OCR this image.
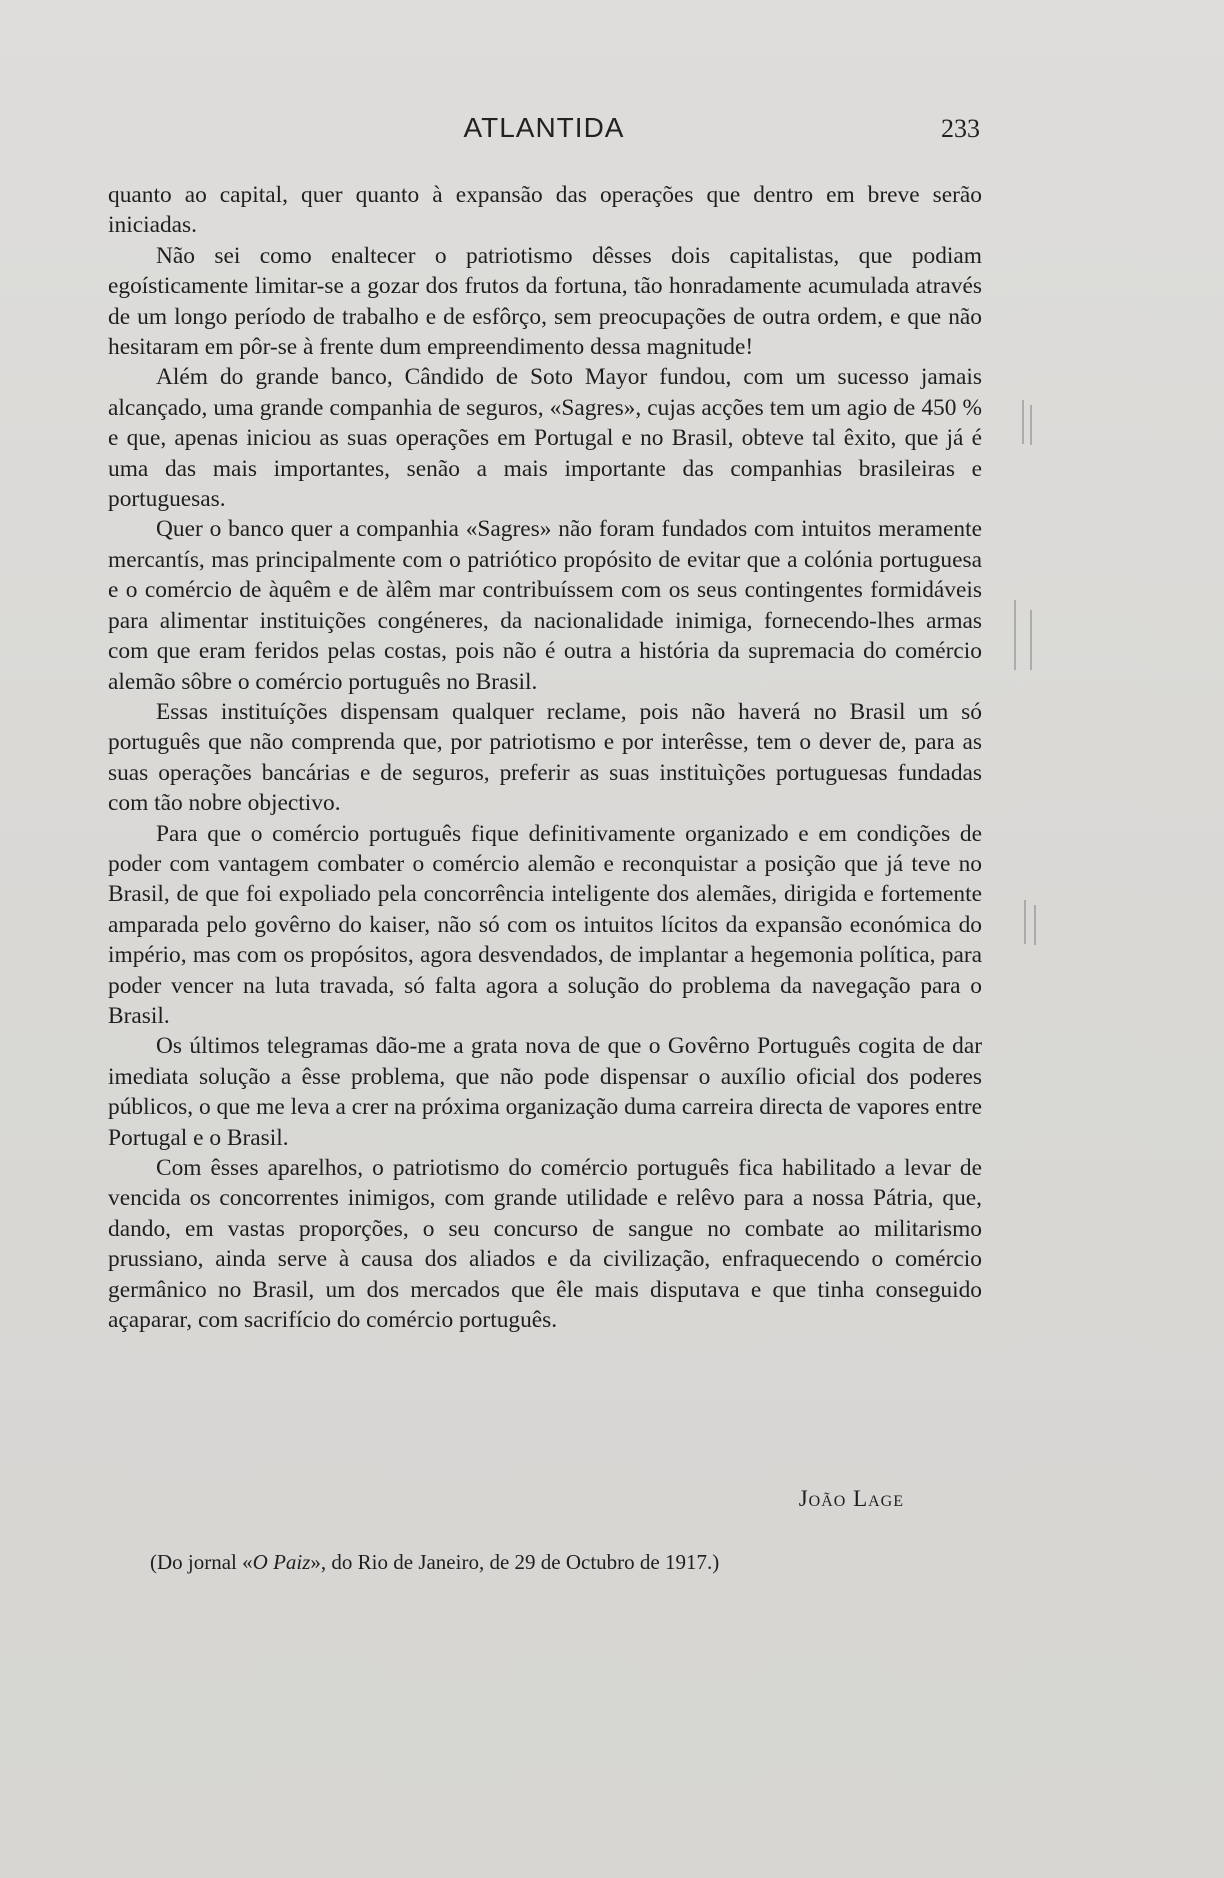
ATLANTIDA	233

quanto ao capital, quer quanto à expansão das operações que dentro em breve serão iniciadas.

Não sei como enaltecer o patriotismo dêsses dois capitalistas, que podiam egoísticamente limitar-se a gozar dos frutos da fortuna, tão honradamente acumulada através de um longo período de trabalho e de esfôrço, sem preocupações de outra ordem, e que não hesitaram em pôr-se à frente dum empreendimento dessa magnitude!

Além do grande banco, Cândido de Soto Mayor fundou, com um sucesso jamais alcançado, uma grande companhia de seguros, «Sagres», cujas acções tem um agio de 450 % e que, apenas iniciou as suas operações em Portugal e no Brasil, obteve tal êxito, que já é uma das mais importantes, senão a mais importante das companhias brasileiras e portuguesas.

Quer o banco quer a companhia «Sagres» não foram fundados com intuitos meramente mercantís, mas principalmente com o patriótico propósito de evitar que a colónia portuguesa e o comércio de àquêm e de àlêm mar contribuíssem com os seus contingentes formidáveis para alimentar instituições congéneres, da nacionalidade inimiga, fornecendo-lhes armas com que eram feridos pelas costas, pois não é outra a história da supremacia do comércio alemão sôbre o comércio português no Brasil.

Essas instituíções dispensam qualquer reclame, pois não haverá no Brasil um só português que não comprenda que, por patriotismo e por interêsse, tem o dever de, para as suas operações bancárias e de seguros, preferir as suas instituìções portuguesas fundadas com tão nobre objectivo.

Para que o comércio português fique definitivamente organizado e em condições de poder com vantagem combater o comércio alemão e reconquistar a posição que já teve no Brasil, de que foi expoliado pela concorrência inteligente dos alemães, dirigida e fortemente amparada pelo govêrno do kaiser, não só com os intuitos lícitos da expansão económica do império, mas com os propósitos, agora desvendados, de implantar a hegemonia política, para poder vencer na luta travada, só falta agora a solução do problema da navegação para o Brasil.

Os últimos telegramas dão-me a grata nova de que o Govêrno Português cogita de dar imediata solução a êsse problema, que não pode dispensar o auxílio oficial dos poderes públicos, o que me leva a crer na próxima organização duma carreira directa de vapores entre Portugal e o Brasil.

Com êsses aparelhos, o patriotismo do comércio português fica habilitado a levar de vencida os concorrentes inimigos, com grande utilidade e relêvo para a nossa Pátria, que, dando, em vastas proporções, o seu concurso de sangue no combate ao militarismo prussiano, ainda serve à causa dos aliados e da civilização, enfraquecendo o comércio germânico no Brasil, um dos mercados que êle mais disputava e que tinha conseguido açaparar, com sacrifício do comércio português.

João Lage
(Do jornal «O Paiz», do Rio de Janeiro, de 29 de Octubro de 1917.)
